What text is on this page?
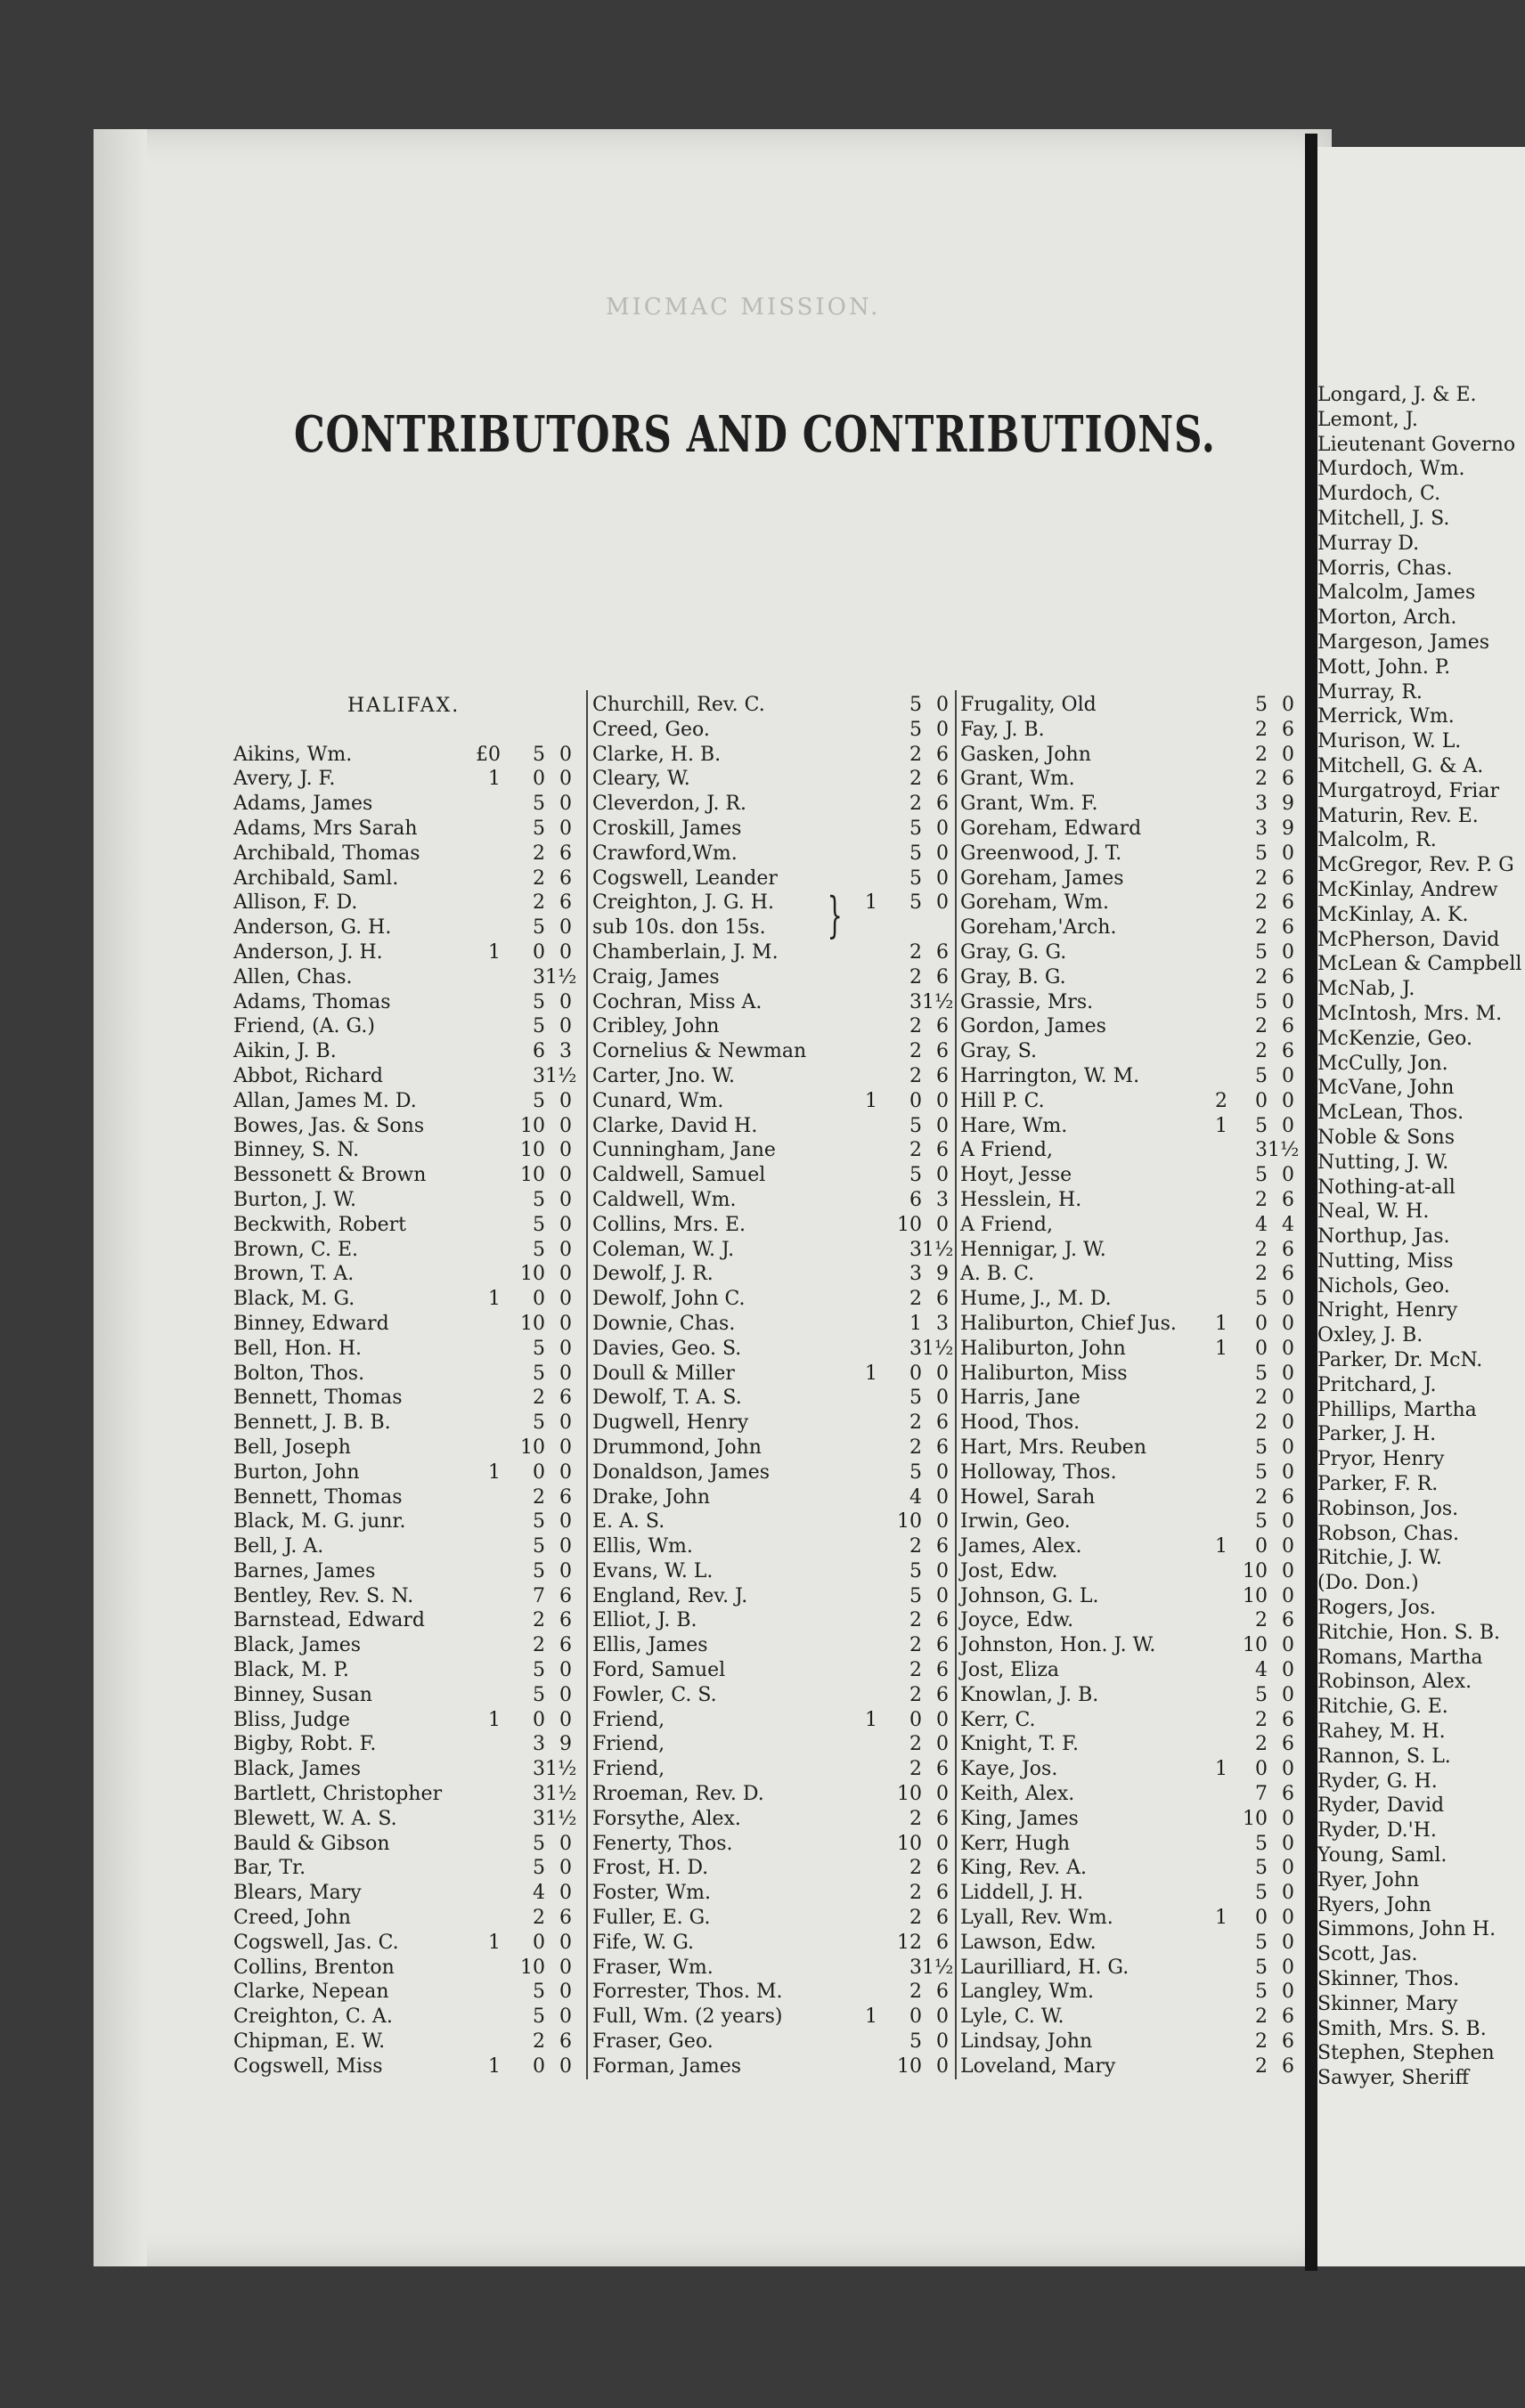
MICMAC MISSION.
CONTRIBUTORS AND CONTRIBUTIONS.
HALIFAX.
Aikins, Wm.	£0	5 0
Avery, J. F.	1	0 0
Adams, James	5 0
Adams, Mrs Sarah	5 0
Archibald, Thomas	2 6
Archibald, Saml.	2 6
Allison, F. D.	2 6
Anderson, G. H.	5 0
Anderson, J. H.	1	0 0
Allen, Chas.	3 1½
Adams, Thomas	5 0
Friend, (A. G.)	5 0
Aikin, J. B.	6 3
Abbot, Richard	3 1½
Allan, James M. D.	5 0
Bowes, Jas. & Sons	10 0
Binney, S. N.	10 0
Bessonett & Brown	10 0
Burton, J. W.	5 0
Beckwith, Robert	5 0
Brown, C. E.	5 0
Brown, T. A.	10 0
Black, M. G.	1	0 0
Binney, Edward	10 0
Bell, Hon. H.	5 0
Bolton, Thos.	5 0
Bennett, Thomas	2 6
Bennett, J. B. B.	5 0
Bell, Joseph	10 0
Burton, John	1	0 0
Bennett, Thomas	2 6
Black, M. G. junr.	5 0
Bell, J. A.	5 0
Barnes, James	5 0
Bentley, Rev. S. N.	7 6
Barnstead, Edward	2 6
Black, James	2 6
Black, M. P.	5 0
Binney, Susan	5 0
Bliss, Judge	1	0 0
Bigby, Robt. F.	3 9
Black, James	3 1½
Bartlett, Christopher	3 1½
Blewett, W. A. S.	3 1½
Bauld & Gibson	5 0
Bar, Tr.	5 0
Blears, Mary	4 0
Creed, John	2 6
Cogswell, Jas. C.	1	0 0
Collins, Brenton	10 0
Clarke, Nepean	5 0
Creighton, C. A.	5 0
Chipman, E. W.	2 6
Cogswell, Miss	1	0 0
Churchill, Rev. C.	5 0
Creed, Geo.	5 0
Clarke, H. B.	2 6
Cleary, W.	2 6
Cleverdon, J. R.	2 6
Croskill, James	5 0
Crawford,Wm.	5 0
Cogswell, Leander	5 0
Creighton, J. G. H.	1	5 0
sub 10s. don 15s.
Chamberlain, J. M.	2 6
Craig, James	2 6
Cochran, Miss A.	3 1½
Cribley, John	2 6
Cornelius & Newman	2 6
Carter, Jno. W.	2 6
Cunard, Wm.	1	0 0
Clarke, David H.	5 0
Cunningham, Jane	2 6
Caldwell, Samuel	5 0
Caldwell, Wm.	6 3
Collins, Mrs. E.	10 0
Coleman, W. J.	3 1½
Dewolf, J. R.	3 9
Dewolf, John C.	2 6
Downie, Chas.	1 3
Davies, Geo. S.	3 1½
Doull & Miller	1	0 0
Dewolf, T. A. S.	5 0
Dugwell, Henry	2 6
Drummond, John	2 6
Donaldson, James	5 0
Drake, John	4 0
E. A. S.	10 0
Ellis, Wm.	2 6
Evans, W. L.	5 0
England, Rev. J.	5 0
Elliot, J. B.	2 6
Ellis, James	2 6
Ford, Samuel	2 6
Fowler, C. S.	2 6
Friend,	1	0 0
Friend,	2 0
Friend,	2 6
Rroeman, Rev. D.	10 0
Forsythe, Alex.	2 6
Fenerty, Thos.	10 0
Frost, H. D.	2 6
Foster, Wm.	2 6
Fuller, E. G.	2 6
Fife, W. G.	12 6
Fraser, Wm.	3 1½
Forrester, Thos. M.	2 6
Full, Wm. (2 years)	1	0 0
Fraser, Geo.	5 0
Forman, James	10 0
Frugality, Old	5 0
Fay, J. B.	2 6
Gasken, John	2 0
Grant, Wm.	2 6
Grant, Wm. F.	3 9
Goreham, Edward	3 9
Greenwood, J. T.	5 0
Goreham, James	2 6
Goreham, Wm.	2 6
Goreham,'Arch.	2 6
Gray, G. G.	5 0
Gray, B. G.	2 6
Grassie, Mrs.	5 0
Gordon, James	2 6
Gray, S.	2 6
Harrington, W. M.	5 0
Hill P. C.	2	0 0
Hare, Wm.	1	5 0
A Friend,	3 1½
Hoyt, Jesse	5 0
Hesslein, H.	2 6
A Friend,	4 4
Hennigar, J. W.	2 6
A. B. C.	2 6
Hume, J., M. D.	5 0
Haliburton, Chief Jus.	1	0 0
Haliburton, John	1	0 0
Haliburton, Miss	5 0
Harris, Jane	2 0
Hood, Thos.	2 0
Hart, Mrs. Reuben	5 0
Holloway, Thos.	5 0
Howel, Sarah	2 6
Irwin, Geo.	5 0
James, Alex.	1	0 0
Jost, Edw.	10 0
Johnson, G. L.	10 0
Joyce, Edw.	2 6
Johnston, Hon. J. W.	10 0
Jost, Eliza	4 0
Knowlan, J. B.	5 0
Kerr, C.	2 6
Knight, T. F.	2 6
Kaye, Jos.	1	0 0
Keith, Alex.	7 6
King, James	10 0
Kerr, Hugh	5 0
King, Rev. A.	5 0
Liddell, J. H.	5 0
Lyall, Rev. Wm.	1	0 0
Lawson, Edw.	5 0
Laurilliard, H. G.	5 0
Langley, Wm.	5 0
Lyle, C. W.	2 6
Lindsay, John	2 6
Loveland, Mary	2 6
}
Longard, J. & E.
Lemont, J.
Lieutenant Governo
Murdoch, Wm.
Murdoch, C.
Mitchell, J. S.
Murray D.
Morris, Chas.
Malcolm, James
Morton, Arch.
Margeson, James
Mott, John. P.
Murray, R.
Merrick, Wm.
Murison, W. L.
Mitchell, G. & A.
Murgatroyd, Friar
Maturin, Rev. E.
Malcolm, R.
McGregor, Rev. P. G
McKinlay, Andrew
McKinlay, A. K.
McPherson, David
McLean & Campbell
McNab, J.
McIntosh, Mrs. M.
McKenzie, Geo.
McCully, Jon.
McVane, John
McLean, Thos.
Noble & Sons
Nutting, J. W.
Nothing-at-all
Neal, W. H.
Northup, Jas.
Nutting, Miss
Nichols, Geo.
Nright, Henry
Oxley, J. B.
Parker, Dr. McN.
Pritchard, J.
Phillips, Martha
Parker, J. H.
Pryor, Henry
Parker, F. R.
Robinson, Jos.
Robson, Chas.
Ritchie, J. W.
(Do. Don.)
Rogers, Jos.
Ritchie, Hon. S. B.
Romans, Martha
Robinson, Alex.
Ritchie, G. E.
Rahey, M. H.
Rannon, S. L.
Ryder, G. H.
Ryder, David
Ryder, D.'H.
Young, Saml.
Ryer, John
Ryers, John
Simmons, John H.
Scott, Jas.
Skinner, Thos.
Skinner, Mary
Smith, Mrs. S. B.
Stephen, Stephen
Sawyer, Sheriff
